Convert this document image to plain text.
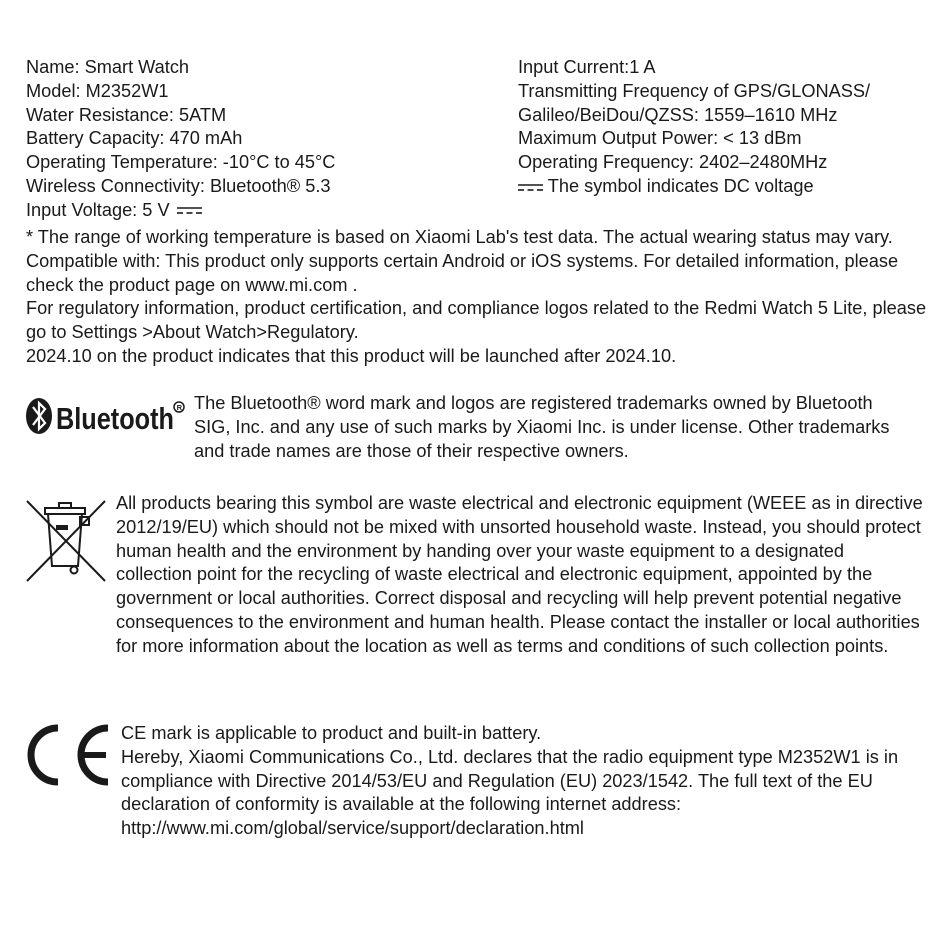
Name: Smart Watch
Model: M2352W1
Water Resistance: 5ATM
Battery Capacity: 470 mAh
Operating Temperature: -10°C to 45°C
Wireless Connectivity: Bluetooth® 5.3
Input Voltage: 5 V
Input Current:1 A
Transmitting Frequency of GPS/GLONASS/
Galileo/BeiDou/QZSS: 1559–1610 MHz
Maximum Output Power: < 13 dBm
Operating Frequency: 2402–2480MHz
The symbol indicates DC voltage

* The range of working temperature is based on Xiaomi Lab's test data. The actual wearing status may vary.

Compatible with: This product only supports certain Android or iOS systems. For detailed information, please check the product page on www.mi.com .

For regulatory information, product certification, and compliance logos related to the Redmi Watch 5 Lite, please go to Settings >About Watch>Regulatory.

2024.10 on the product indicates that this product will be launched after 2024.10.

Bluetooth R The Bluetooth® word mark and logos are registered trademarks owned by Bluetooth SIG, Inc. and any use of such marks by Xiaomi Inc. is under license. Other trademarks and trade names are those of their respective owners.

All products bearing this symbol are waste electrical and electronic equipment (WEEE as in directive 2012/19/EU) which should not be mixed with unsorted household waste. Instead, you should protect human health and the environment by handing over your waste equipment to a designated collection point for the recycling of waste electrical and electronic equipment, appointed by the government or local authorities. Correct disposal and recycling will help prevent potential negative consequences to the environment and human health. Please contact the installer or local authorities for more information about the location as well as terms and conditions of such collection points.

CE mark is applicable to product and built-in battery.

Hereby, Xiaomi Communications Co., Ltd. declares that the radio equipment type M2352W1 is in compliance with Directive 2014/53/EU and Regulation (EU) 2023/1542. The full text of the EU declaration of conformity is available at the following internet address: http://www.mi.com/global/service/support/declaration.html
